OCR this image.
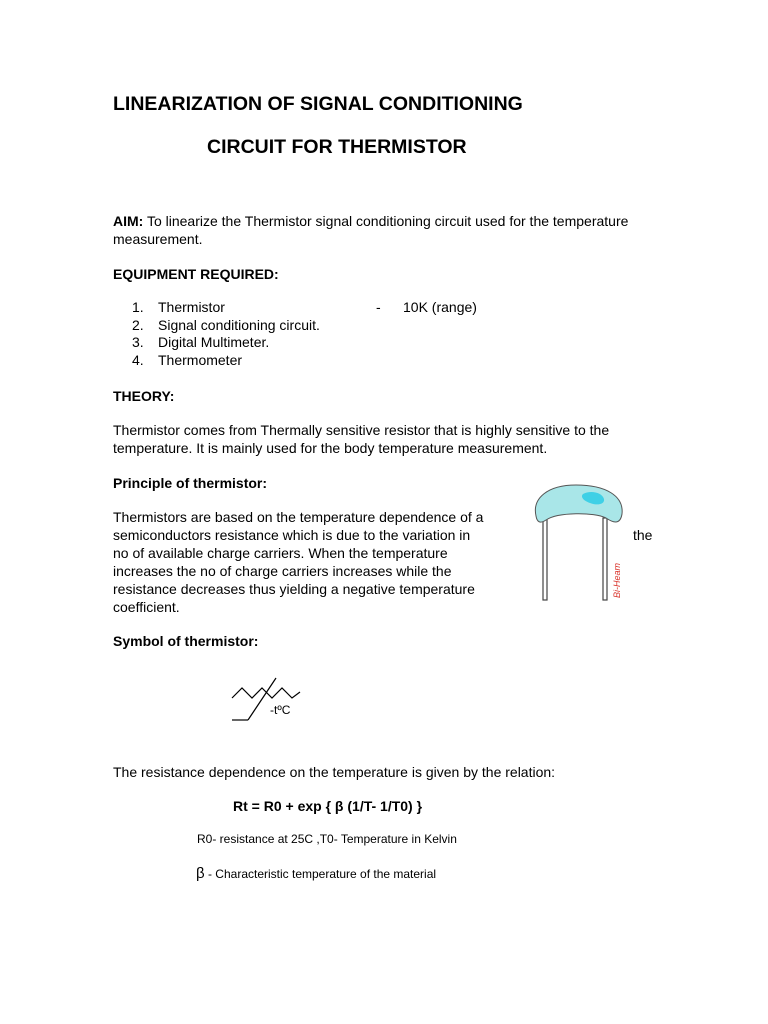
LINEARIZATION OF SIGNAL CONDITIONING
CIRCUIT FOR THERMISTOR
AIM: To linearize the Thermistor signal conditioning circuit used for the temperature measurement.
EQUIPMENT REQUIRED:
1. Thermistor	- 10K (range)
2. Signal conditioning circuit.
3. Digital Multimeter.
4. Thermometer
THEORY:
Thermistor comes from Thermally sensitive resistor that is highly sensitive to the temperature. It is mainly used for the body temperature measurement.
Principle of thermistor:
Thermistors are based on the temperature dependence of a
semiconductors resistance which is due to the variation in
no of available charge carriers. When the temperature
increases the no of charge carriers increases while the
resistance decreases thus yielding a negative temperature
coefficient.
the
Bi-Heam
Symbol of thermistor:
-tºC
The resistance dependence on the temperature is given by the relation:
Rt = R0 + exp { β (1/T- 1/T0) }
R0- resistance at 25C ,T0- Temperature in Kelvin
β - Characteristic temperature of the material
